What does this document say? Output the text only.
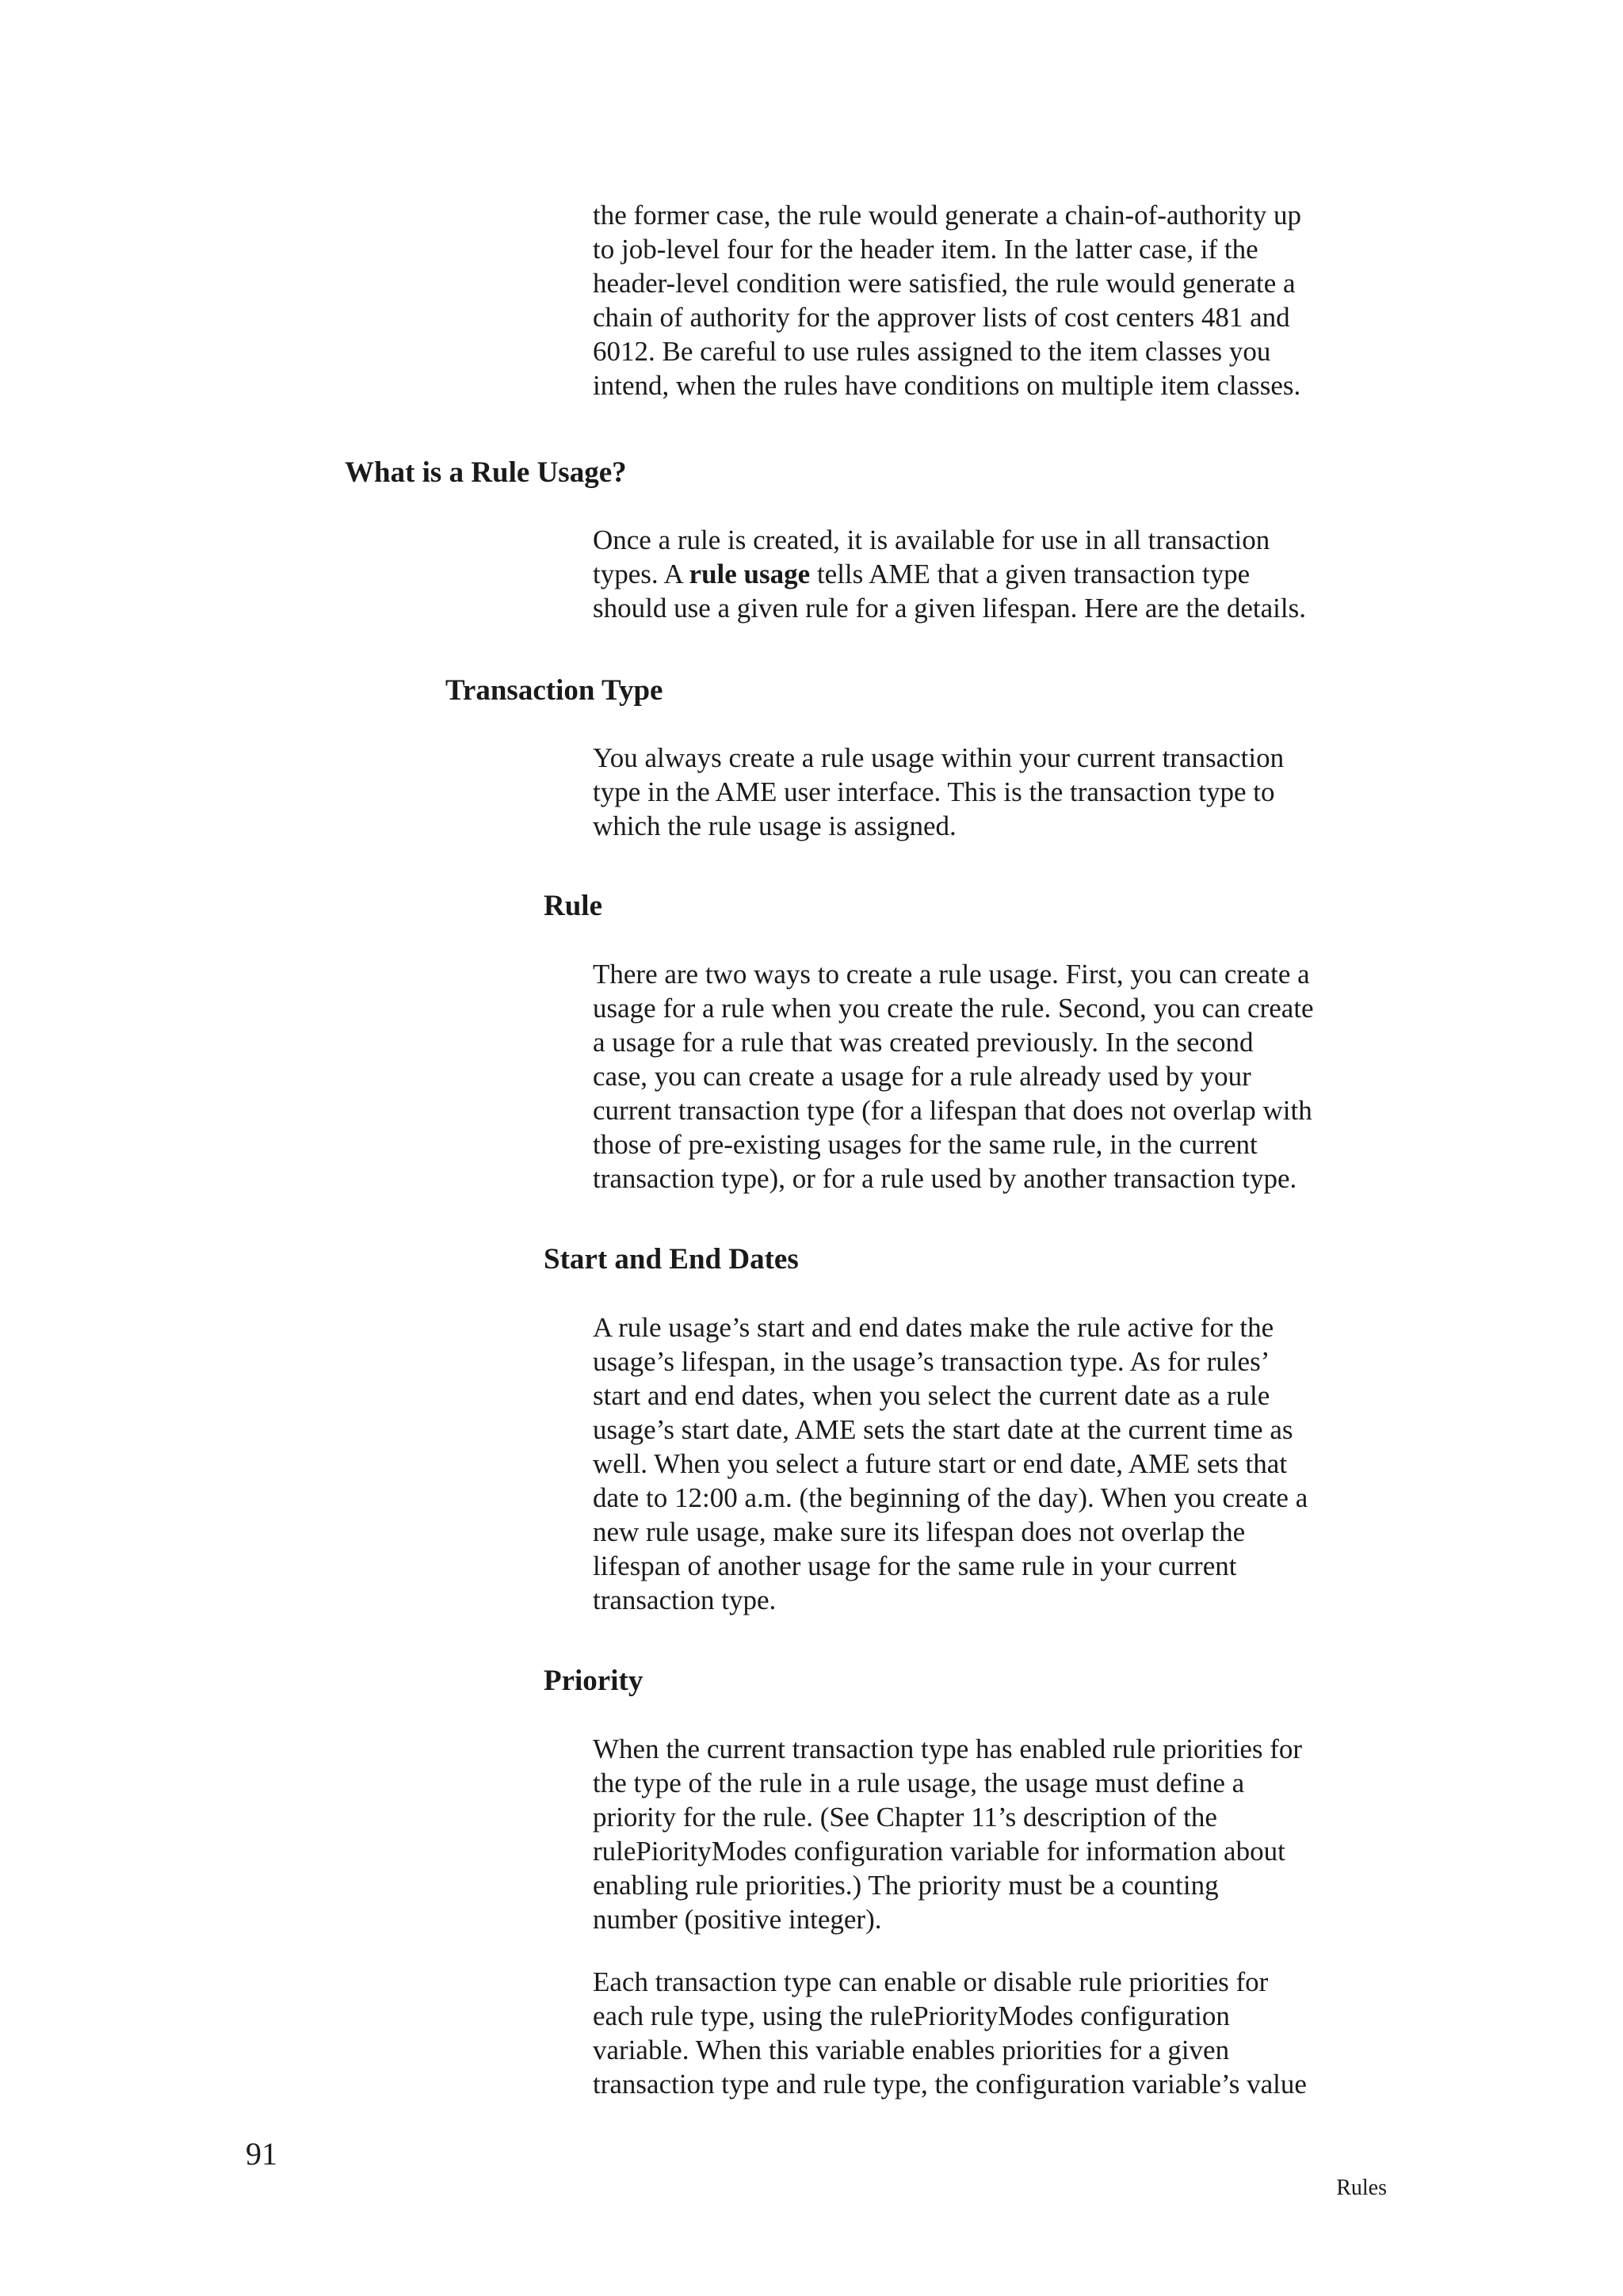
the former case, the rule would generate a chain-of-authority up
to job-level four for the header item. In the latter case, if the
header-level condition were satisfied, the rule would generate a
chain of authority for the approver lists of cost centers 481 and
6012. Be careful to use rules assigned to the item classes you
intend, when the rules have conditions on multiple item classes.

What is a Rule Usage?

Once a rule is created, it is available for use in all transaction
types. A rule usage tells AME that a given transaction type
should use a given rule for a given lifespan. Here are the details.

Transaction Type

You always create a rule usage within your current transaction
type in the AME user interface. This is the transaction type to
which the rule usage is assigned.

Rule

There are two ways to create a rule usage. First, you can create a
usage for a rule when you create the rule. Second, you can create
a usage for a rule that was created previously. In the second
case, you can create a usage for a rule already used by your
current transaction type (for a lifespan that does not overlap with
those of pre-existing usages for the same rule, in the current
transaction type), or for a rule used by another transaction type.

Start and End Dates

A rule usage’s start and end dates make the rule active for the
usage’s lifespan, in the usage’s transaction type. As for rules’
start and end dates, when you select the current date as a rule
usage’s start date, AME sets the start date at the current time as
well. When you select a future start or end date, AME sets that
date to 12:00 a.m. (the beginning of the day). When you create a
new rule usage, make sure its lifespan does not overlap the
lifespan of another usage for the same rule in your current
transaction type.

Priority

When the current transaction type has enabled rule priorities for
the type of the rule in a rule usage, the usage must define a
priority for the rule. (See Chapter 11’s description of the
rulePiorityModes configuration variable for information about
enabling rule priorities.) The priority must be a counting
number (positive integer).

Each transaction type can enable or disable rule priorities for
each rule type, using the rulePriorityModes configuration
variable. When this variable enables priorities for a given
transaction type and rule type, the configuration variable’s value

91
Rules
